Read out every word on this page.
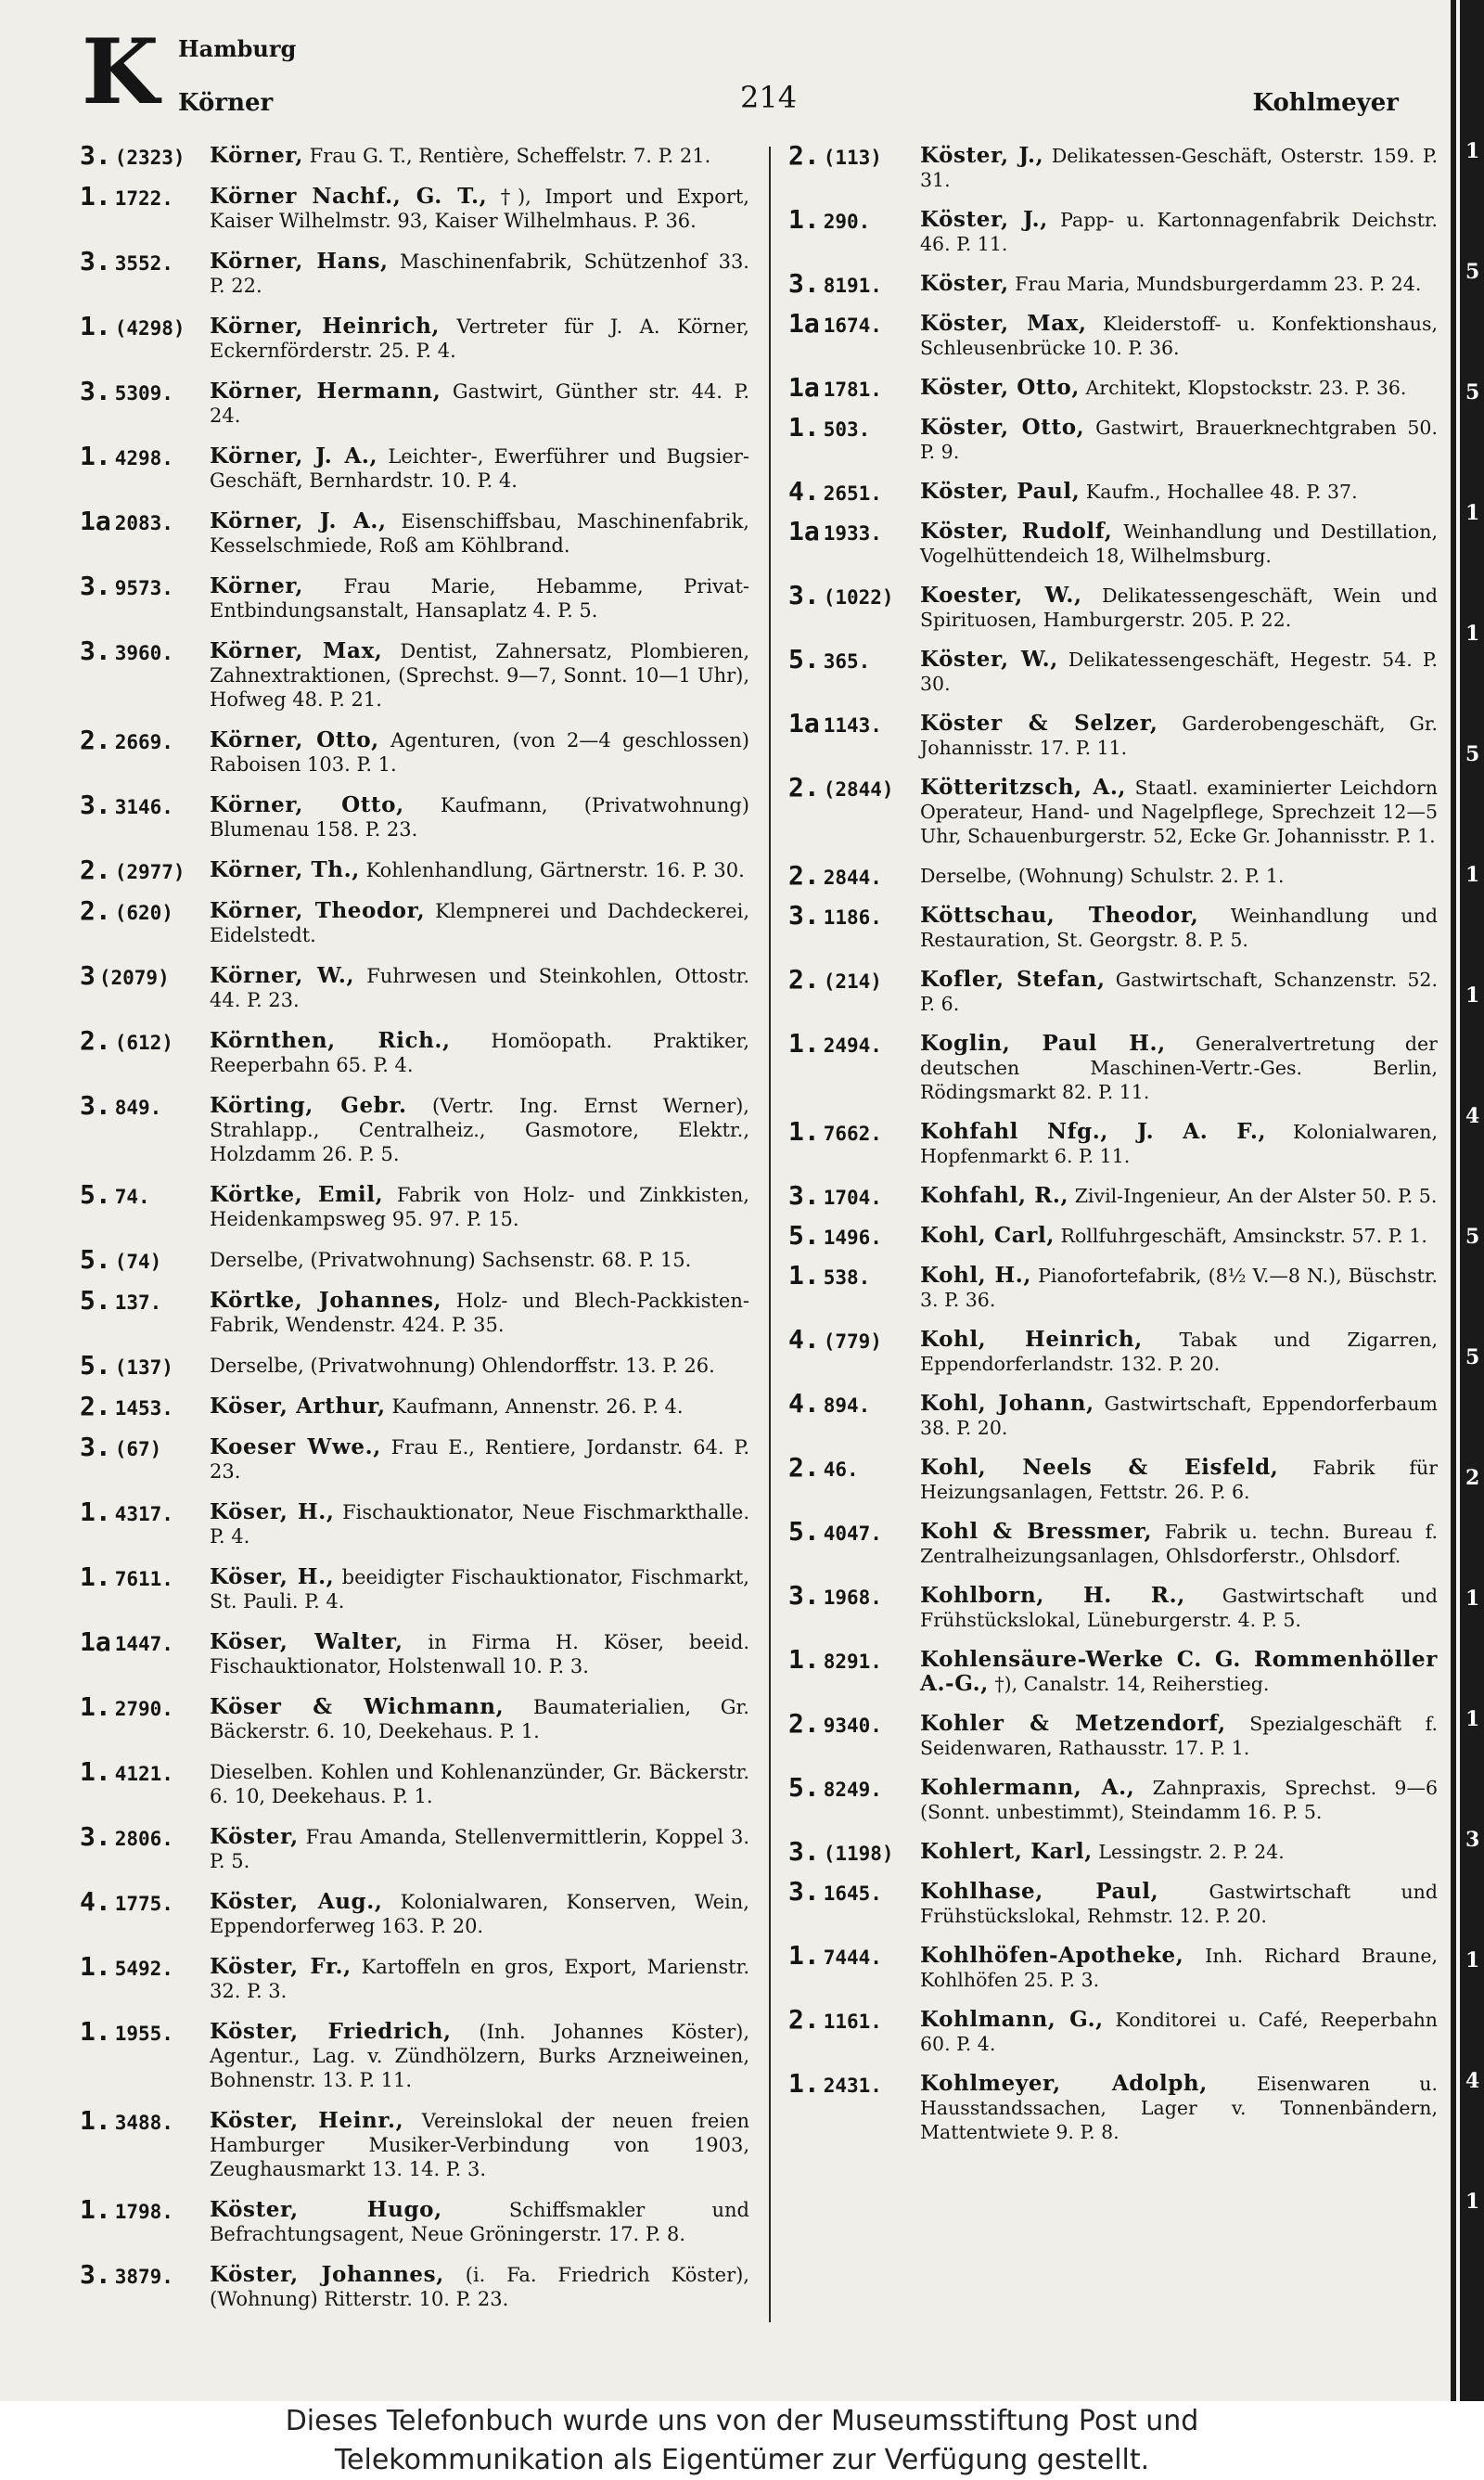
K Hamburg
Körner	214	Kohlmeyer
3. (2323)	Körner, Frau G. T., Rentière, Scheffelstr. 7. P. 21.
1. 1722.	Körner Nachf., G. T., †), Import und Export, Kaiser Wilhelmstr. 93, Kaiser Wilhelmhaus. P. 36.
3. 3552.	Körner, Hans, Maschinenfabrik, Schützenhof 33. P. 22.
1. (4298)	Körner, Heinrich, Vertreter für J. A. Körner, Eckernförderstr. 25. P. 4.
3. 5309.	Körner, Hermann, Gastwirt, Günther str. 44. P. 24.
1. 4298.	Körner, J. A., Leichter-, Ewerführer und Bugsier-Geschäft, Bernhardstr. 10. P. 4.
1a 2083.	Körner, J. A., Eisenschiffsbau, Maschinenfabrik, Kesselschmiede, Roß am Köhlbrand.
3. 9573.	Körner, Frau Marie, Hebamme, Privat-Entbindungsanstalt, Hansaplatz 4. P. 5.
3. 3960.	Körner, Max, Dentist, Zahnersatz, Plombieren, Zahnextraktionen, (Sprechst. 9—7, Sonnt. 10—1 Uhr), Hofweg 48. P. 21.
2. 2669.	Körner, Otto, Agenturen, (von 2—4 geschlossen) Raboisen 103. P. 1.
3. 3146.	Körner, Otto, Kaufmann, (Privatwohnung) Blumenau 158. P. 23.
2. (2977)	Körner, Th., Kohlenhandlung, Gärtnerstr. 16. P. 30.
2. (620)	Körner, Theodor, Klempnerei und Dachdeckerei, Eidelstedt.
3 (2079)	Körner, W., Fuhrwesen und Steinkohlen, Ottostr. 44. P. 23.
2. (612)	Körnthen, Rich., Homöopath. Praktiker, Reeperbahn 65. P. 4.
3. 849.	Körting, Gebr. (Vertr. Ing. Ernst Werner), Strahlapp., Centralheiz., Gasmotore, Elektr., Holzdamm 26. P. 5.
5. 74.	Körtke, Emil, Fabrik von Holz- und Zinkkisten, Heidenkampsweg 95. 97. P. 15.
5. (74)	Derselbe, (Privatwohnung) Sachsenstr. 68. P. 15.
5. 137.	Körtke, Johannes, Holz- und Blech-Packkisten-Fabrik, Wendenstr. 424. P. 35.
5. (137)	Derselbe, (Privatwohnung) Ohlendorffstr. 13. P. 26.
2. 1453.	Köser, Arthur, Kaufmann, Annenstr. 26. P. 4.
3. (67)	Koeser Wwe., Frau E., Rentiere, Jordanstr. 64. P. 23.
1. 4317.	Köser, H., Fischauktionator, Neue Fischmarkthalle. P. 4.
1. 7611.	Köser, H., beeidigter Fischauktionator, Fischmarkt, St. Pauli. P. 4.
1a 1447.	Köser, Walter, in Firma H. Köser, beeid. Fischauktionator, Holstenwall 10. P. 3.
1. 2790.	Köser & Wichmann, Baumaterialien, Gr. Bäckerstr. 6. 10, Deekehaus. P. 1.
1. 4121.	Dieselben. Kohlen und Kohlenanzünder, Gr. Bäckerstr. 6. 10, Deekehaus. P. 1.
3. 2806.	Köster, Frau Amanda, Stellenvermittlerin, Koppel 3. P. 5.
4. 1775.	Köster, Aug., Kolonialwaren, Konserven, Wein, Eppendorferweg 163. P. 20.
1. 5492.	Köster, Fr., Kartoffeln en gros, Export, Marienstr. 32. P. 3.
1. 1955.	Köster, Friedrich, (Inh. Johannes Köster), Agentur., Lag. v. Zündhölzern, Burks Arzneiweinen, Bohnenstr. 13. P. 11.
1. 3488.	Köster, Heinr., Vereinslokal der neuen freien Hamburger Musiker-Verbindung von 1903, Zeughausmarkt 13. 14. P. 3.
1. 1798.	Köster, Hugo,	Schiffsmakler und Befrachtungsagent, Neue Gröningerstr. 17. P. 8.
3. 3879.	Köster, Johannes, (i. Fa. Friedrich Köster), (Wohnung) Ritterstr. 10. P. 23.
2. (113)	Köster, J., Delikatessen-Geschäft, Osterstr. 159. P. 31.
1. 290.	Köster, J., Papp- u. Kartonnagenfabrik Deichstr. 46. P. 11.
3. 8191.	Köster, Frau Maria, Mundsburgerdamm 23. P. 24.
1a 1674.	Köster, Max, Kleiderstoff- u. Konfektionshaus, Schleusenbrücke 10. P. 36.
1a 1781.	Köster, Otto, Architekt, Klopstockstr. 23. P. 36.
1. 503.	Köster, Otto, Gastwirt, Brauerknechtgraben 50. P. 9.
4. 2651.	Köster, Paul, Kaufm., Hochallee 48. P. 37.
1a 1933.	Köster, Rudolf, Weinhandlung und Destillation, Vogelhüttendeich 18, Wilhelmsburg.
3. (1022)	Koester, W., Delikatessengeschäft, Wein und Spirituosen, Hamburgerstr. 205. P. 22.
5. 365.	Köster, W., Delikatessengeschäft, Hegestr. 54. P. 30.
1a 1143.	Köster & Selzer, Garderobengeschäft, Gr. Johannisstr. 17. P. 11.
2. (2844)	Kötteritzsch, A., Staatl. examinierter Leichdorn Operateur, Hand- und Nagelpflege, Sprechzeit 12—5 Uhr, Schauenburgerstr. 52, Ecke Gr. Johannisstr. P. 1.
2. 2844.	Derselbe, (Wohnung) Schulstr. 2. P. 1.
3. 1186.	Köttschau, Theodor, Weinhandlung und Restauration, St. Georgstr. 8. P. 5.
2. (214)	Kofler, Stefan, Gastwirtschaft, Schanzenstr. 52. P. 6.
1. 2494.	Koglin, Paul H., Generalvertretung der deutschen Maschinen-Vertr.-Ges. Berlin, Rödingsmarkt 82. P. 11.
1. 7662.	Kohfahl Nfg., J. A. F., Kolonialwaren, Hopfenmarkt 6. P. 11.
3. 1704.	Kohfahl, R., Zivil-Ingenieur, An der Alster 50. P. 5.
5. 1496.	Kohl, Carl, Rollfuhrgeschäft, Amsinckstr. 57. P. 1.
1. 538.	Kohl, H., Pianofortefabrik, (8½ V.—8 N.), Büschstr. 3. P. 36.
4. (779)	Kohl, Heinrich, Tabak und Zigarren, Eppendorferlandstr. 132. P. 20.
4. 894.	Kohl, Johann, Gastwirtschaft, Eppendorferbaum 38. P. 20.
2. 46.	Kohl, Neels & Eisfeld, Fabrik für Heizungsanlagen, Fettstr. 26. P. 6.
5. 4047.	Kohl & Bressmer, Fabrik u. techn. Bureau f. Zentralheizungsanlagen, Ohlsdorferstr., Ohlsdorf.
3. 1968.	Kohlborn, H. R., Gastwirtschaft und Frühstückslokal, Lüneburgerstr. 4. P. 5.
1. 8291.	Kohlensäure-Werke C. G. Rommenhöller A.-G., †), Canalstr. 14, Reiherstieg.
2. 9340.	Kohler & Metzendorf, Spezialgeschäft f. Seidenwaren, Rathausstr. 17. P. 1.
5. 8249.	Kohlermann, A., Zahnpraxis, Sprechst. 9—6 (Sonnt. unbestimmt), Steindamm 16. P. 5.
3. (1198)	Kohlert, Karl, Lessingstr. 2. P. 24.
3. 1645.	Kohlhase, Paul,	Gastwirtschaft und Frühstückslokal, Rehmstr. 12. P. 20.
1. 7444.	Kohlhöfen-Apotheke, Inh. Richard Braune, Kohlhöfen 25. P. 3.
2. 1161.	Kohlmann, G., Konditorei u. Café, Reeperbahn 60. P. 4.
1. 2431.	Kohlmeyer, Adolph,	Eisenwaren u. Hausstandssachen, Lager v. Tonnenbändern, Mattentwiete 9. P. 8.
1
5
5
1
1
5
1
1
4
5
5
2
1
1
3
1
4
1
Dieses Telefonbuch wurde uns von der Museumsstiftung Post und
Telekommunikation als Eigentümer zur Verfügung gestellt.
